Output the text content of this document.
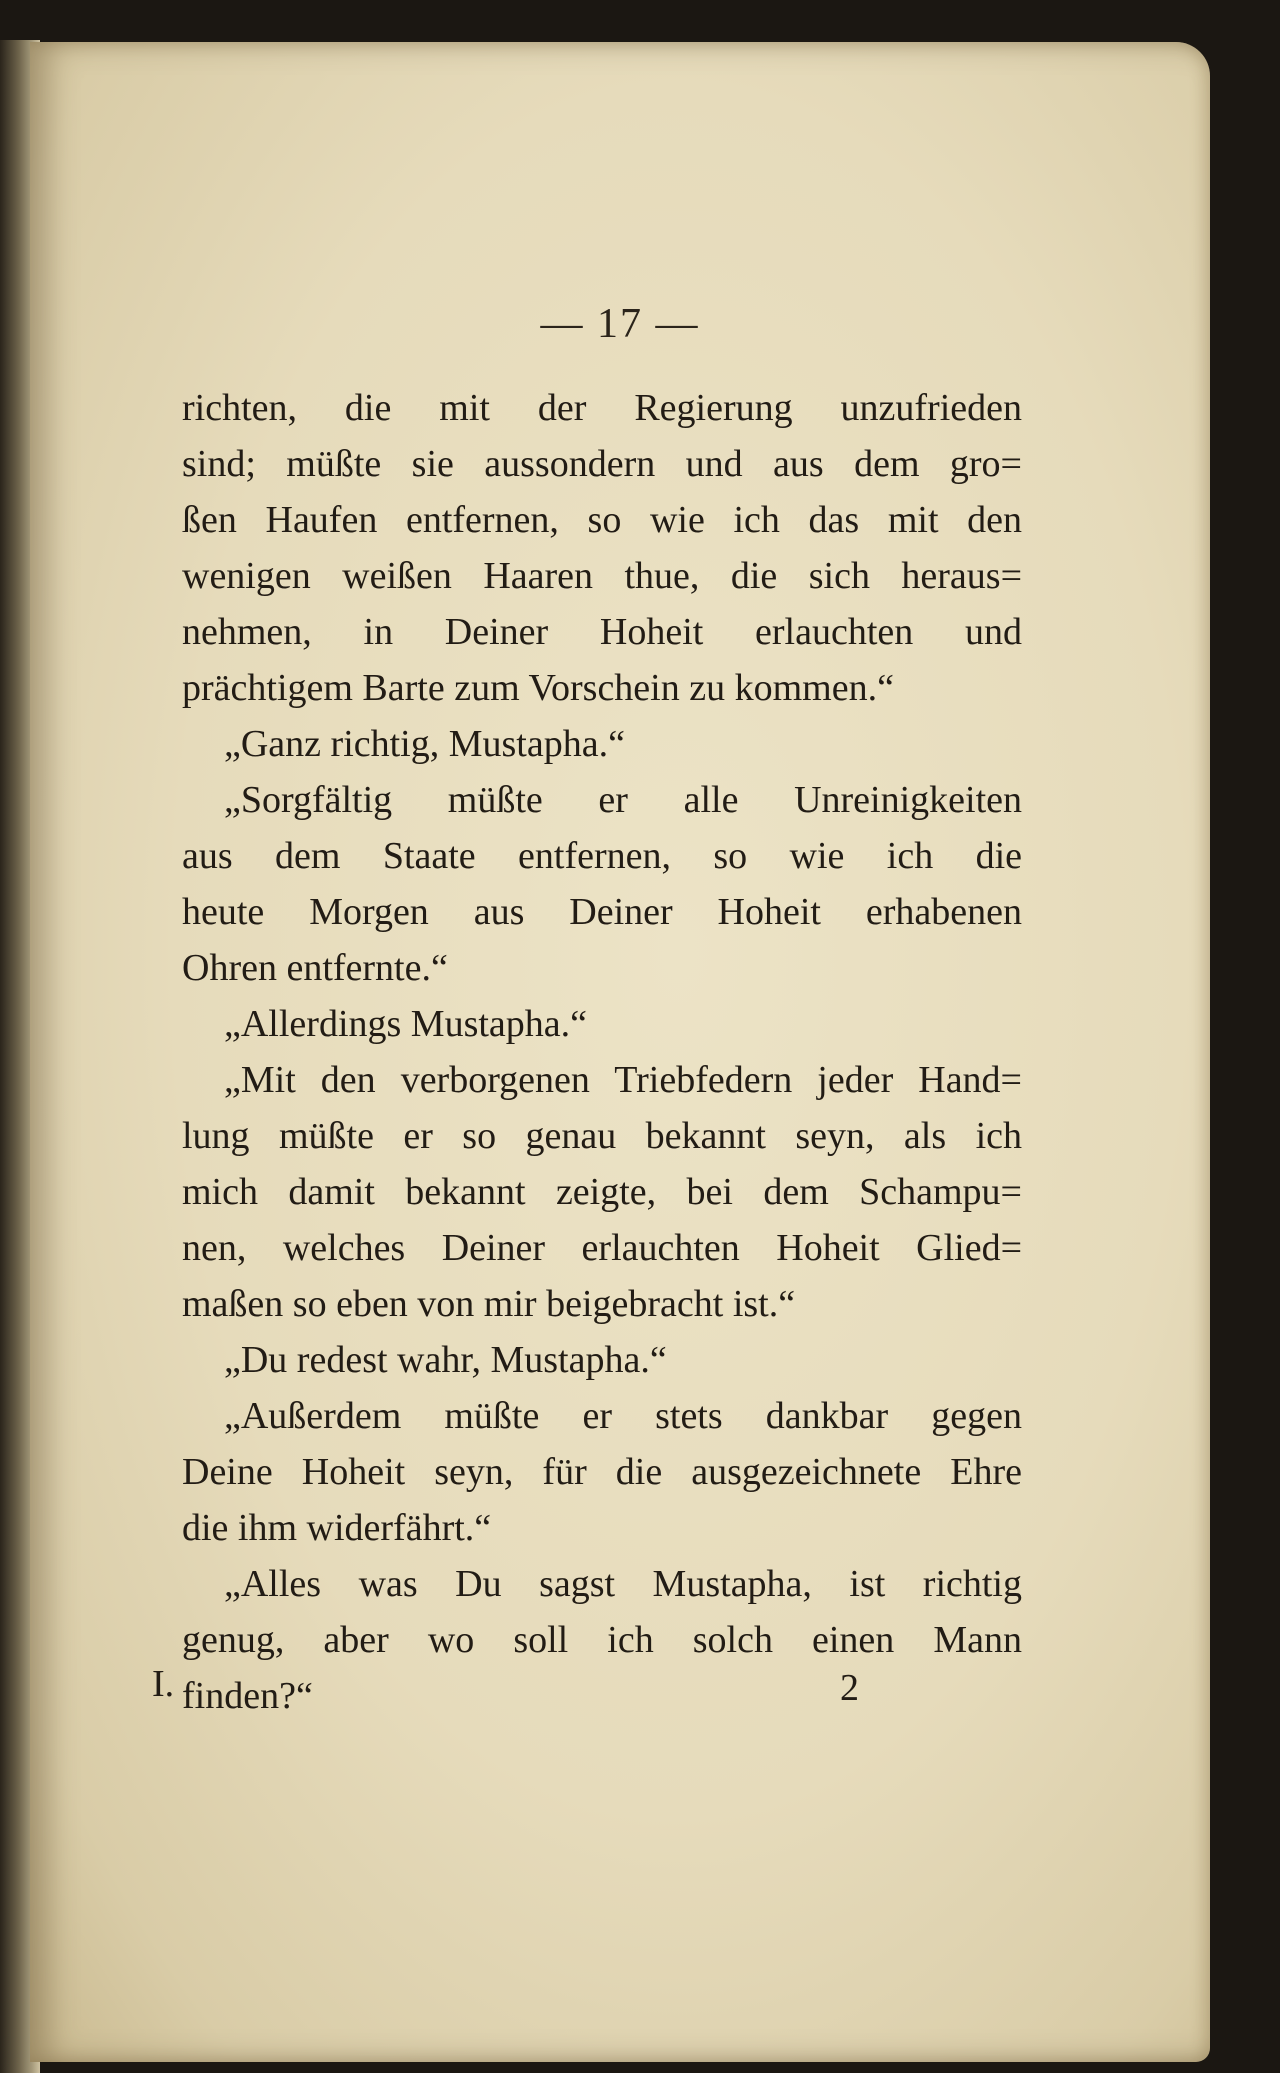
— 17 —
richten, die mit der Regierung unzufrieden
sind; müßte sie aussondern und aus dem gro=
ßen Haufen entfernen, so wie ich das mit den
wenigen weißen Haaren thue, die sich heraus=
nehmen, in Deiner Hoheit erlauchten und
prächtigem Barte zum Vorschein zu kommen.“
„Ganz richtig, Mustapha.“
„Sorgfältig müßte er alle Unreinigkeiten
aus dem Staate entfernen, so wie ich die
heute Morgen aus Deiner Hoheit erhabenen
Ohren entfernte.“
„Allerdings Mustapha.“
„Mit den verborgenen Triebfedern jeder Hand=
lung müßte er so genau bekannt seyn, als ich
mich damit bekannt zeigte, bei dem Schampu=
nen, welches Deiner erlauchten Hoheit Glied=
maßen so eben von mir beigebracht ist.“
„Du redest wahr, Mustapha.“
„Außerdem müßte er stets dankbar gegen
Deine Hoheit seyn, für die ausgezeichnete Ehre
die ihm widerfährt.“
„Alles was Du sagst Mustapha, ist richtig
genug, aber wo soll ich solch einen Mann
finden?“
I.	2
